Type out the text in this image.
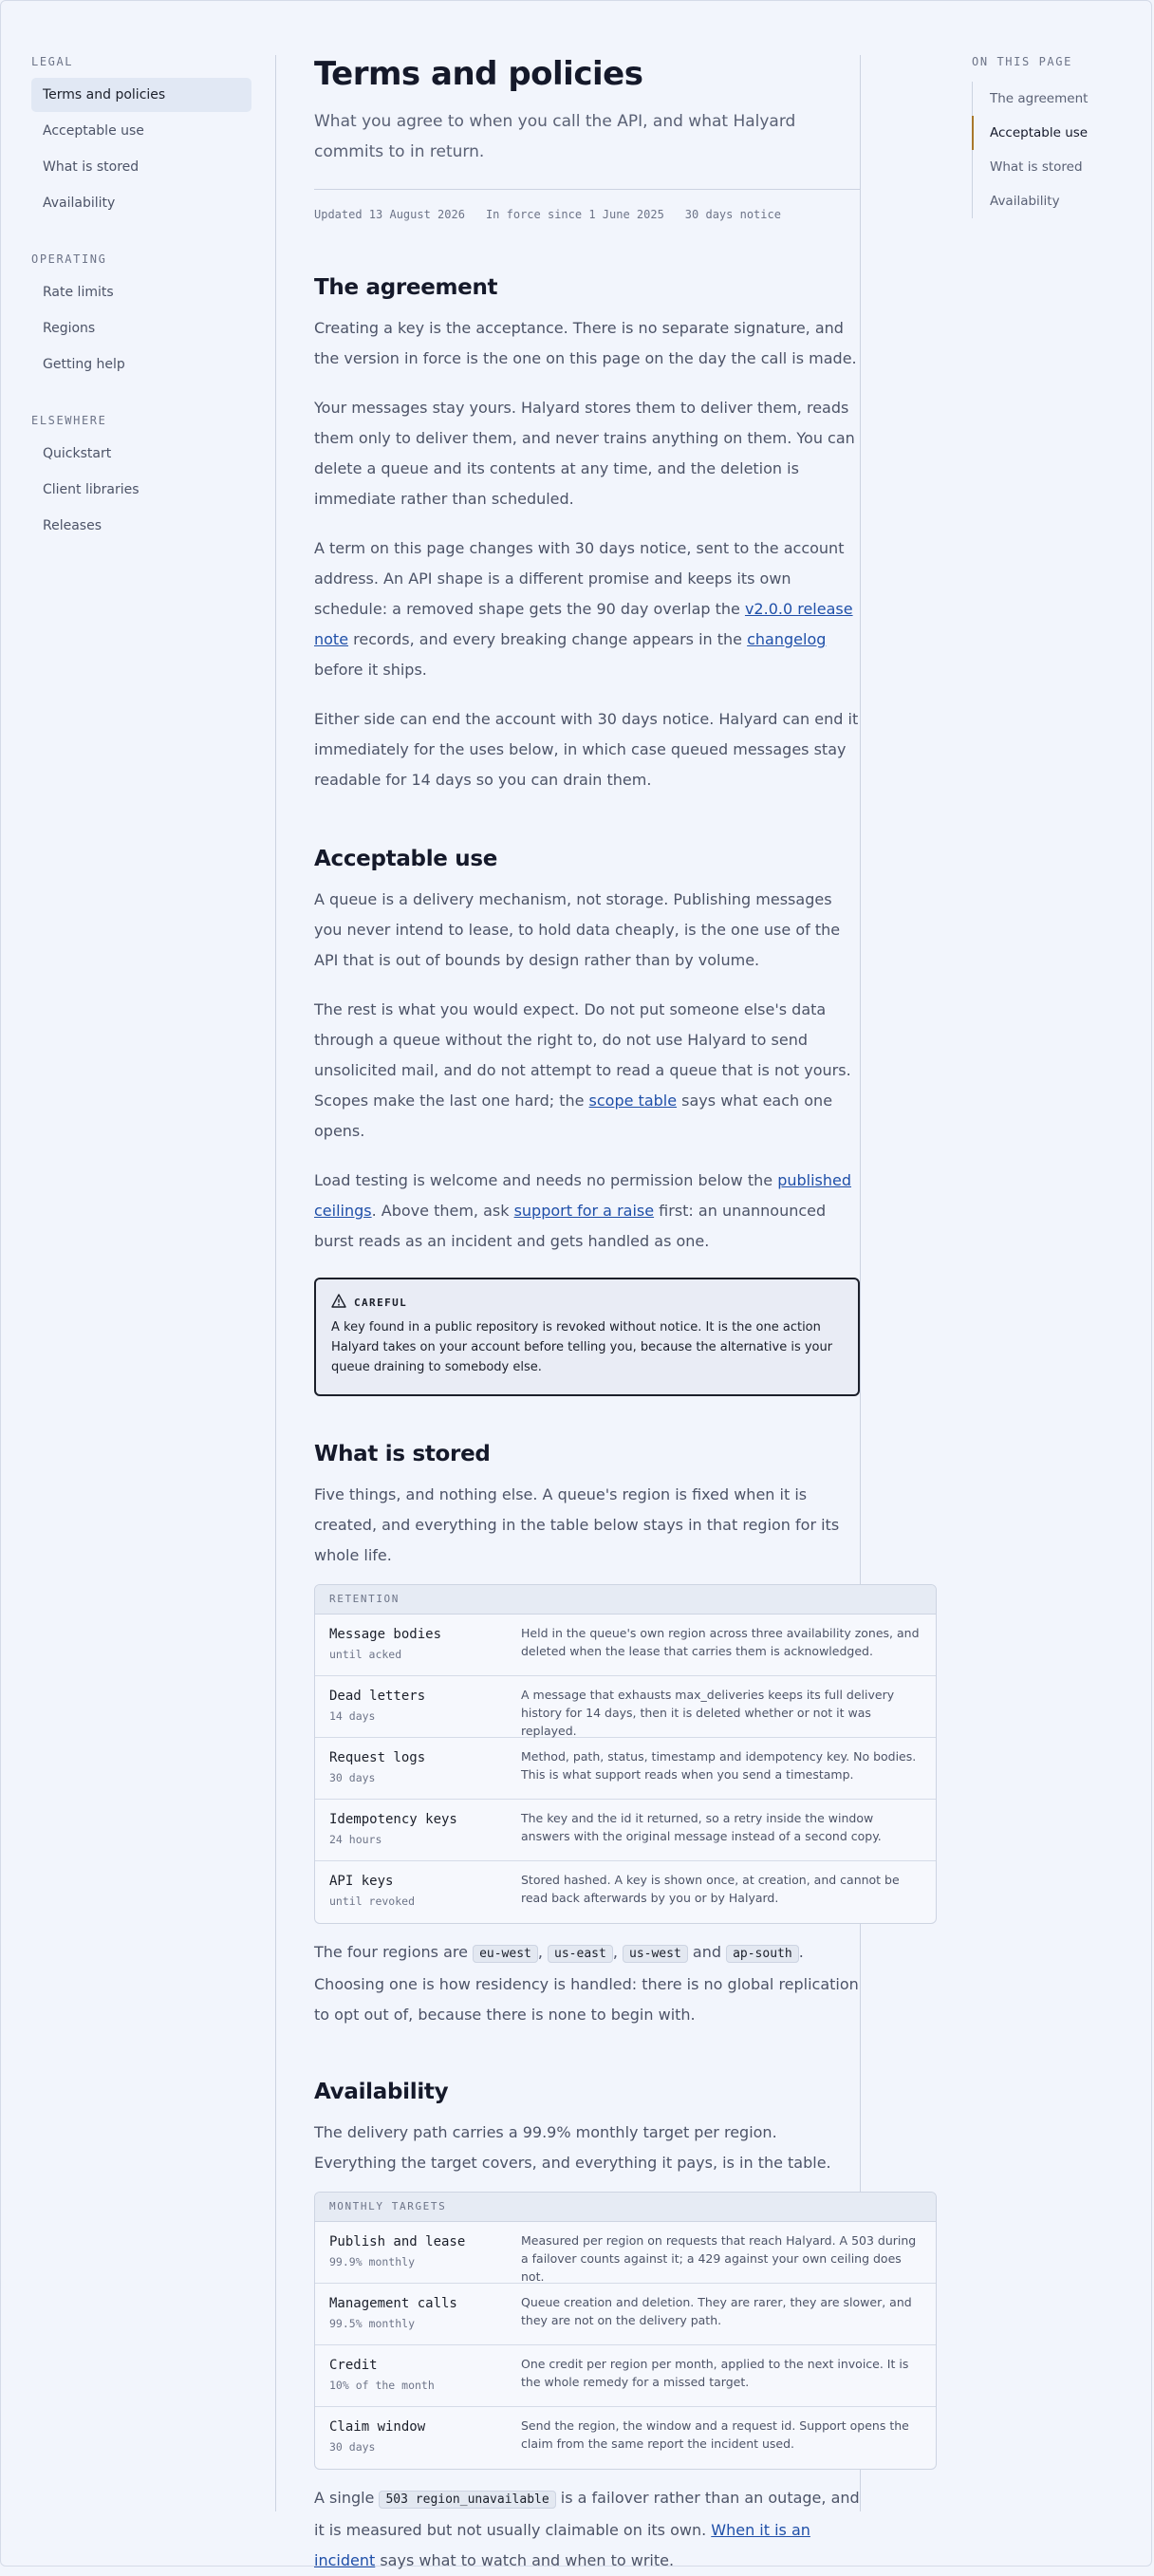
LEGAL
Terms and policies
Acceptable use
What is stored
Availability
OPERATING
Rate limits
Regions
Getting help
ELSEWHERE
Quickstart
Client libraries
Releases
Terms and policies

What you agree to when you call the API, and what Halyard commits to in return.

Updated 13 August 2026 In force since 1 June 2025 30 days notice
The agreement

Creating a key is the acceptance. There is no separate signature, and the version in force is the one on this page on the day the call is made.

Your messages stay yours. Halyard stores them to deliver them, reads them only to deliver them, and never trains anything on them. You can delete a queue and its contents at any time, and the deletion is immediate rather than scheduled.

A term on this page changes with 30 days notice, sent to the account address. An API shape is a different promise and keeps its own schedule: a removed shape gets the 90 day overlap the v2.0.0 release note records, and every breaking change appears in the changelog before it ships.

Either side can end the account with 30 days notice. Halyard can end it immediately for the uses below, in which case queued messages stay readable for 14 days so you can drain them.

Acceptable use

A queue is a delivery mechanism, not storage. Publishing messages you never intend to lease, to hold data cheaply, is the one use of the API that is out of bounds by design rather than by volume.

The rest is what you would expect. Do not put someone else's data through a queue without the right to, do not use Halyard to send unsolicited mail, and do not attempt to read a queue that is not yours. Scopes make the last one hard; the scope table says what each one opens.

Load testing is welcome and needs no permission below the published ceilings. Above them, ask support for a raise first: an unannounced burst reads as an incident and gets handled as one.

CAREFUL
A key found in a public repository is revoked without notice. It is the one action Halyard takes on your account before telling you, because the alternative is your queue draining to somebody else.
What is stored

Five things, and nothing else. A queue's region is fixed when it is created, and everything in the table below stays in that region for its whole life.

RETENTION
Message bodies
until acked
Held in the queue's own region across three availability zones, and deleted when the lease that carries them is acknowledged.
Dead letters
14 days
A message that exhausts max_deliveries keeps its full delivery history for 14 days, then it is deleted whether or not it was replayed.
Request logs
30 days
Method, path, status, timestamp and idempotency key. No bodies. This is what support reads when you send a timestamp.
Idempotency keys
24 hours
The key and the id it returned, so a retry inside the window answers with the original message instead of a second copy.
API keys
until revoked
Stored hashed. A key is shown once, at creation, and cannot be read back afterwards by you or by Halyard.

The four regions are eu-west , us-east , us-west and ap-south . Choosing one is how residency is handled: there is no global replication to opt out of, because there is none to begin with.

Availability

The delivery path carries a 99.9% monthly target per region. Everything the target covers, and everything it pays, is in the table.

MONTHLY TARGETS
Publish and lease
99.9% monthly
Measured per region on requests that reach Halyard. A 503 during a failover counts against it; a 429 against your own ceiling does not.
Management calls
99.5% monthly
Queue creation and deletion. They are rarer, they are slower, and they are not on the delivery path.
Credit
10% of the month
One credit per region per month, applied to the next invoice. It is the whole remedy for a missed target.
Claim window
30 days
Send the region, the window and a request id. Support opens the claim from the same report the incident used.

A single 503 region_unavailable is a failover rather than an outage, and it is measured but not usually claimable on its own. When it is an incident says what to watch and when to write.

ON THIS PAGE
The agreement
Acceptable use
What is stored
Availability
